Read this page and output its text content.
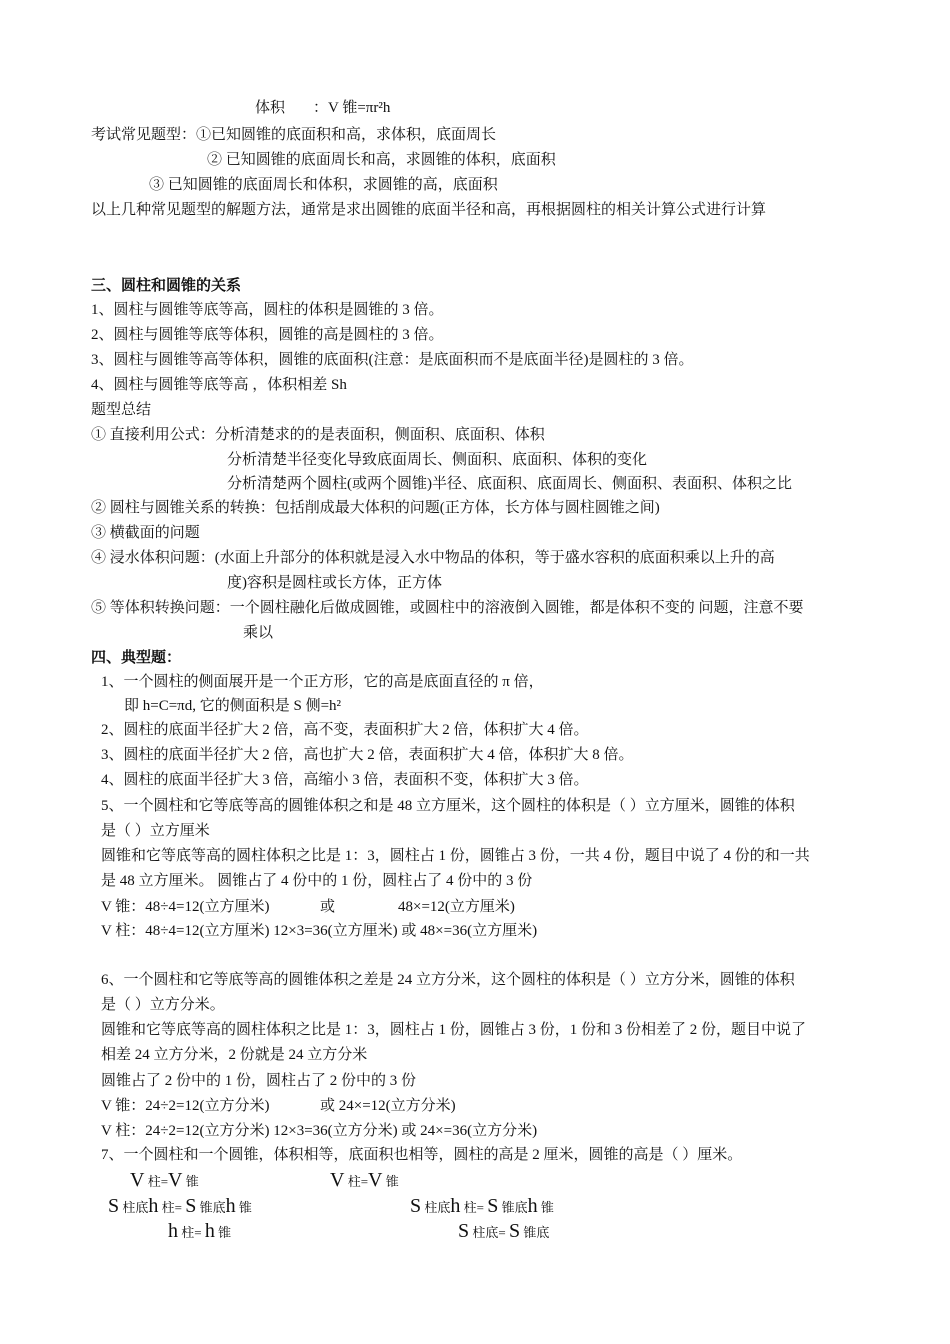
体积 ：V 锥=πr²h
考试常见题型：①已知圆锥的底面积和高，求体积，底面周长
② 已知圆锥的底面周长和高，求圆锥的体积，底面积
③ 已知圆锥的底面周长和体积，求圆锥的高，底面积
以上几种常见题型的解题方法，通常是求出圆锥的底面半径和高，再根据圆柱的相关计算公式进行计算
三、圆柱和圆锥的关系
1、圆柱与圆锥等底等高，圆柱的体积是圆锥的 3 倍。
2、圆柱与圆锥等底等体积，圆锥的高是圆柱的 3 倍。
3、圆柱与圆锥等高等体积，圆锥的底面积(注意：是底面积而不是底面半径)是圆柱的 3 倍。
4、圆柱与圆锥等底等高 ，体积相差 Sh
题型总结
① 直接利用公式：分析清楚求的的是表面积，侧面积、底面积、体积
分析清楚半径变化导致底面周长、侧面积、底面积、体积的变化
分析清楚两个圆柱(或两个圆锥)半径、底面积、底面周长、侧面积、表面积、体积之比
② 圆柱与圆锥关系的转换：包括削成最大体积的问题(正方体，长方体与圆柱圆锥之间)
③ 横截面的问题
④ 浸水体积问题：(水面上升部分的体积就是浸入水中物品的体积，等于盛水容积的底面积乘以上升的高
度)容积是圆柱或长方体，正方体
⑤ 等体积转换问题：一个圆柱融化后做成圆锥，或圆柱中的溶液倒入圆锥，都是体积不变的 问题，注意不要
乘以
四、典型题：
1、一个圆柱的侧面展开是一个正方形，它的高是底面直径的 π 倍，
即 h=C=πd, 它的侧面积是 S 侧=h²
2、圆柱的底面半径扩大 2 倍，高不变，表面积扩大 2 倍，体积扩大 4 倍。
3、圆柱的底面半径扩大 2 倍，高也扩大 2 倍，表面积扩大 4 倍，体积扩大 8 倍。
4、圆柱的底面半径扩大 3 倍，高缩小 3 倍，表面积不变，体积扩大 3 倍。
5、一个圆柱和它等底等高的圆锥体积之和是 48 立方厘米，这个圆柱的体积是（ ）立方厘米，圆锥的体积
是（ ）立方厘米
圆锥和它等底等高的圆柱体积之比是 1：3，圆柱占 1 份，圆锥占 3 份，一共 4 份，题目中说了 4 份的和一共
是 48 立方厘米。 圆锥占了 4 份中的 1 份，圆柱占了 4 份中的 3 份
V 锥：48÷4=12(立方厘米)	或	48×=12(立方厘米)
V 柱：48÷4=12(立方厘米) 12×3=36(立方厘米) 或 48×=36(立方厘米)
6、一个圆柱和它等底等高的圆锥体积之差是 24 立方分米，这个圆柱的体积是（ ）立方分米，圆锥的体积
是（ ）立方分米。
圆锥和它等底等高的圆柱体积之比是 1：3，圆柱占 1 份，圆锥占 3 份，1 份和 3 份相差了 2 份，题目中说了
相差 24 立方分米，2 份就是 24 立方分米
圆锥占了 2 份中的 1 份，圆柱占了 2 份中的 3 份
V 锥：24÷2=12(立方分米)	或 24×=12(立方分米)
V 柱：24÷2=12(立方分米) 12×3=36(立方分米) 或 24×=36(立方分米)
7、一个圆柱和一个圆锥，体积相等，底面积也相等，圆柱的高是 2 厘米，圆锥的高是（ ）厘米。
V 柱=V 锥
S 柱底h 柱= S 锥底h 锥
h 柱= h 锥
V 柱=V 锥
S 柱底h 柱= S 锥底h 锥
S 柱底= S 锥底
